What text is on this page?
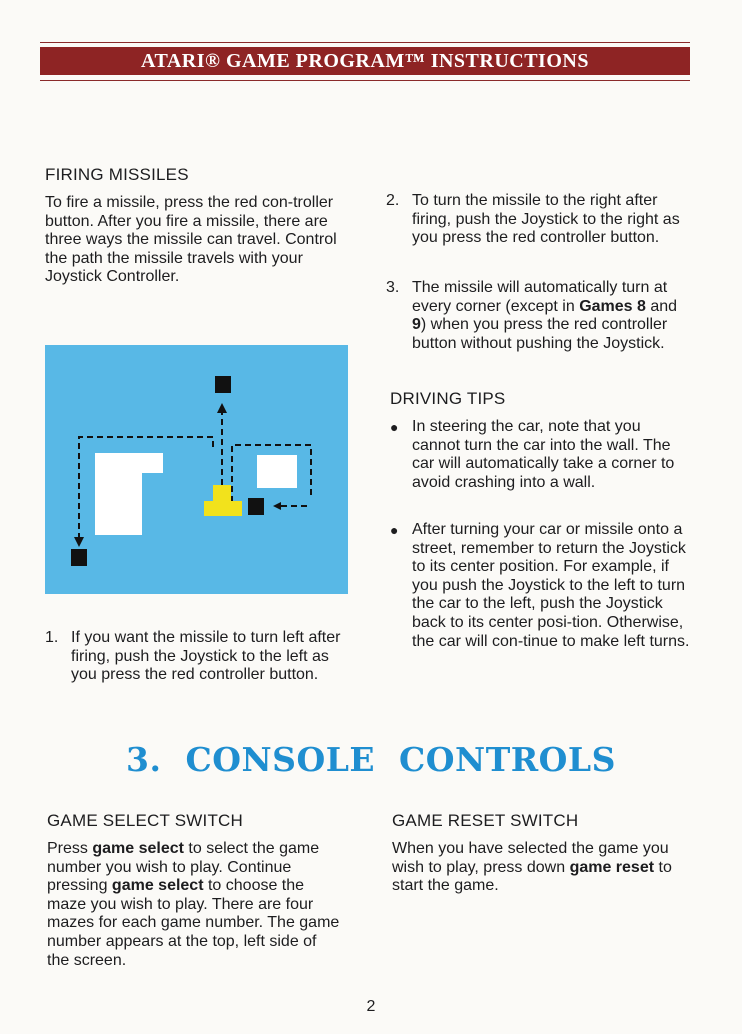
ATARI® GAME PROGRAM™ INSTRUCTIONS
FIRING MISSILES

To fire a missile, press the red con-troller button. After you fire a missile, there are three ways the missile can travel. Control the path the missile travels with your Joystick Controller.

1. If you want the missile to turn left after firing, push the Joystick to the left as you press the red controller button.
2. To turn the missile to the right after firing, push the Joystick to the right as you press the red controller button.
3. The missile will automatically turn at every corner (except in Games 8 and 9) when you press the red controller button without pushing the Joystick.
DRIVING TIPS
● In steering the car, note that you cannot turn the car into the wall. The car will automatically take a corner to avoid crashing into a wall.
● After turning your car or missile onto a street, remember to return the Joystick to its center position. For example, if you push the Joystick to the left to turn the car to the left, push the Joystick back to its center posi-tion. Otherwise, the car will con-tinue to make left turns.
3.  CONSOLE  CONTROLS
GAME SELECT SWITCH

Press game select to select the game number you wish to play. Continue pressing game select to choose the maze you wish to play. There are four mazes for each game number. The game number appears at the top, left side of the screen.

GAME RESET SWITCH

When you have selected the game you wish to play, press down game reset to start the game.

2
